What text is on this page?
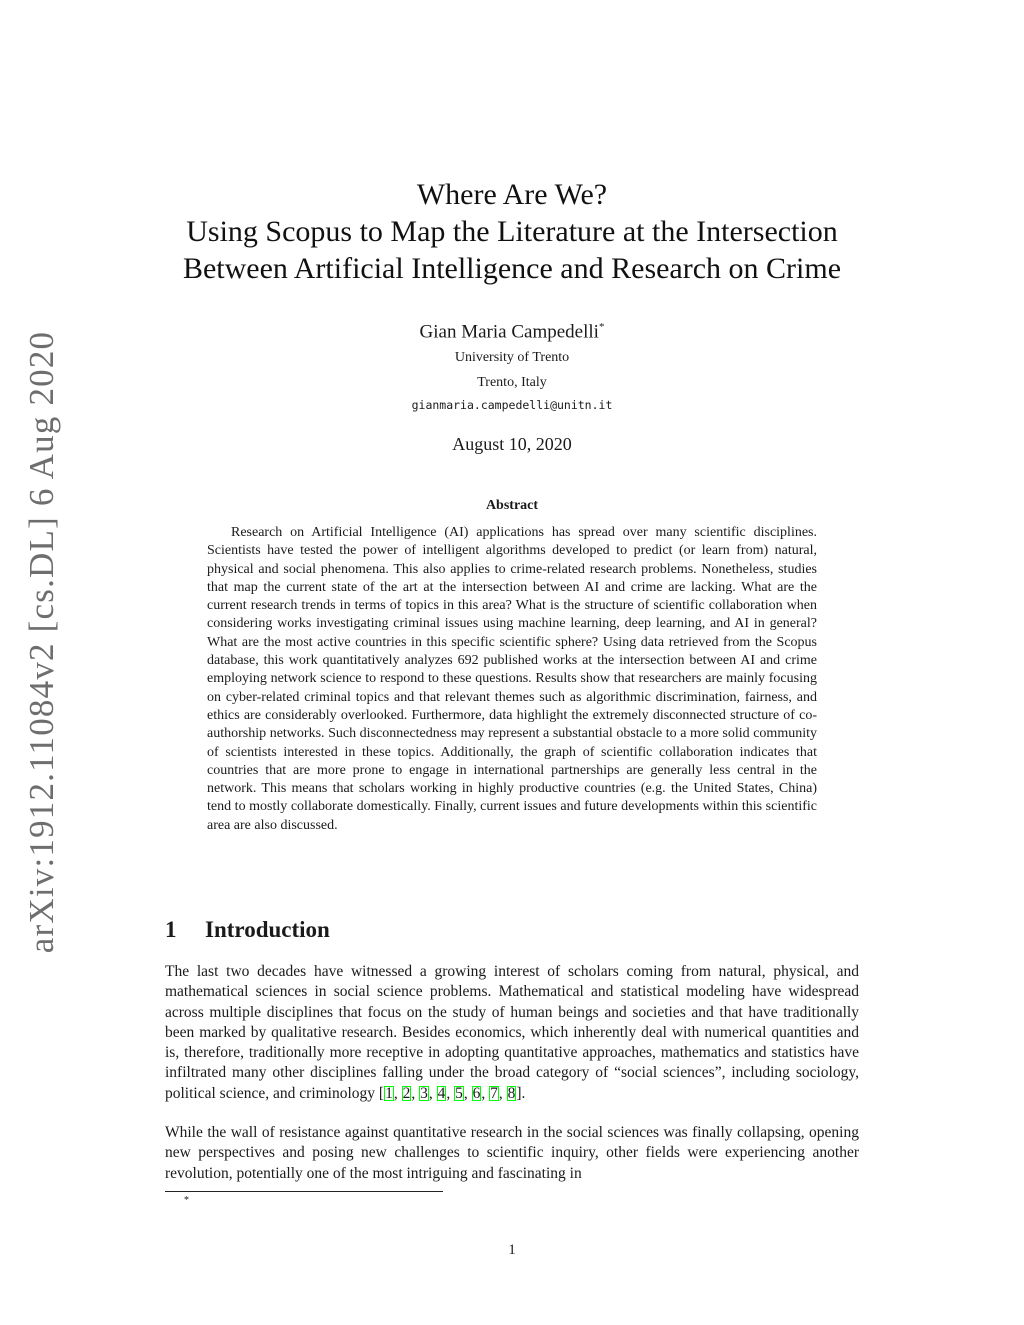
arXiv:1912.11084v2 [cs.DL] 6 Aug 2020
Where Are We?
Using Scopus to Map the Literature at the Intersection
Between Artificial Intelligence and Research on Crime
Gian Maria Campedelli*
University of Trento
Trento, Italy
gianmaria.campedelli@unitn.it
August 10, 2020
Abstract
Research on Artificial Intelligence (AI) applications has spread over many scientific disciplines. Scientists have tested the power of intelligent algorithms developed to predict (or learn from) natural, physical and social phenomena. This also applies to crime-related research problems. Nonetheless, studies that map the current state of the art at the intersection between AI and crime are lacking. What are the current research trends in terms of topics in this area? What is the structure of scientific collaboration when considering works investigating criminal issues using machine learning, deep learning, and AI in general? What are the most active countries in this specific scientific sphere? Using data retrieved from the Scopus database, this work quantitatively analyzes 692 published works at the intersection between AI and crime employing network science to respond to these questions. Results show that researchers are mainly focusing on cyber-related criminal topics and that relevant themes such as algorithmic discrimination, fairness, and ethics are considerably overlooked. Furthermore, data highlight the extremely disconnected structure of co-authorship networks. Such disconnectedness may represent a substantial obstacle to a more solid community of scientists interested in these topics. Additionally, the graph of scientific collaboration indicates that countries that are more prone to engage in international partnerships are generally less central in the network. This means that scholars working in highly productive countries (e.g. the United States, China) tend to mostly collaborate domestically. Finally, current issues and future developments within this scientific area are also discussed.
1 Introduction
The last two decades have witnessed a growing interest of scholars coming from natural, physical, and mathematical sciences in social science problems. Mathematical and statistical modeling have widespread across multiple disciplines that focus on the study of human beings and societies and that have traditionally been marked by qualitative research. Besides economics, which inherently deal with numerical quantities and is, therefore, traditionally more receptive in adopting quantitative approaches, mathematics and statistics have infiltrated many other disciplines falling under the broad category of “social sciences”, including sociology, political science, and criminology [1, 2, 3, 4, 5, 6, 7, 8].
While the wall of resistance against quantitative research in the social sciences was finally collapsing, opening new perspectives and posing new challenges to scientific inquiry, other fields were experiencing another revolution, potentially one of the most intriguing and fascinating in
*
1
